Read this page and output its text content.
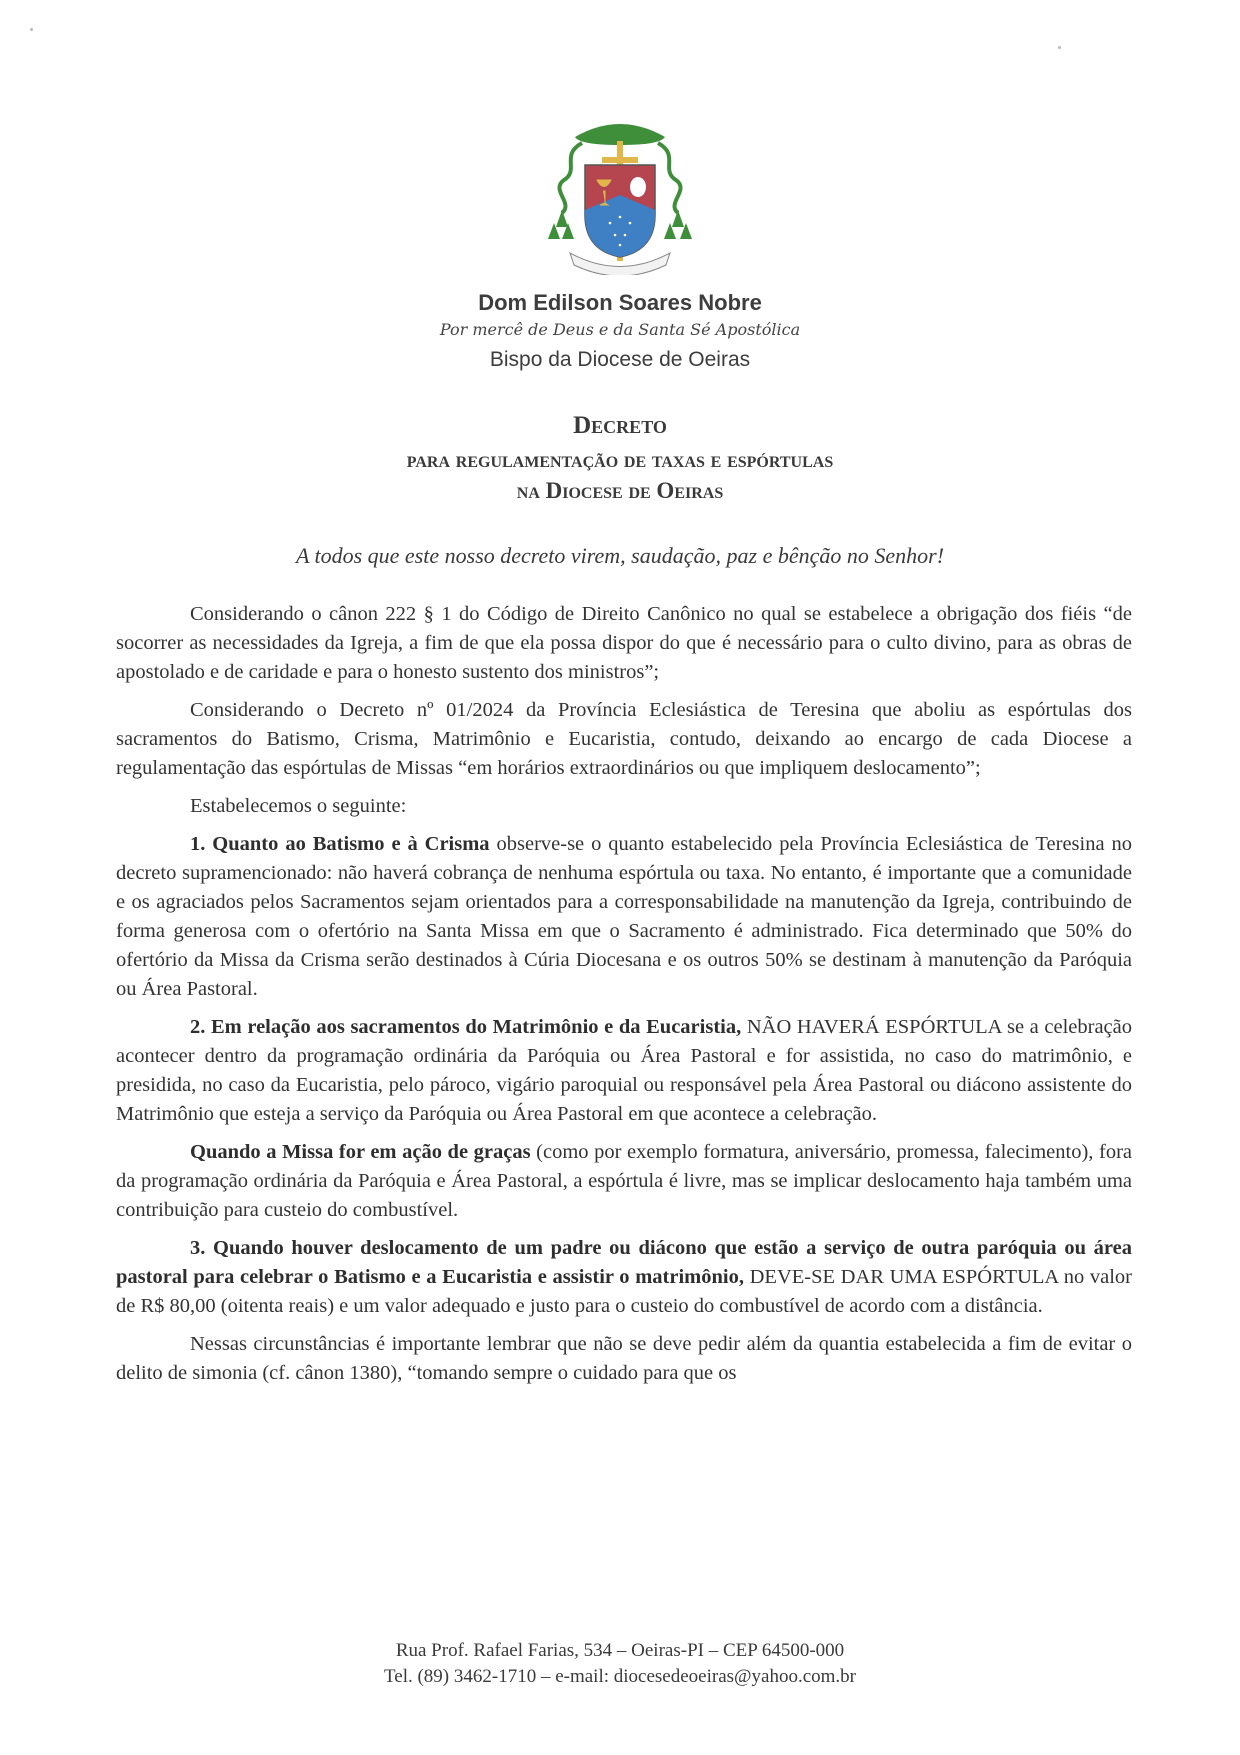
Dom Edilson Soares Nobre
Por mercê de Deus e da Santa Sé Apostólica
Bispo da Diocese de Oeiras
Decreto
para regulamentação de taxas e espórtulas
na Diocese de Oeiras
A todos que este nosso decreto virem, saudação, paz e bênção no Senhor!

Considerando o cânon 222 § 1 do Código de Direito Canônico no qual se estabelece a obrigação dos fiéis “de socorrer as necessidades da Igreja, a fim de que ela possa dispor do que é necessário para o culto divino, para as obras de apostolado e de caridade e para o honesto sustento dos ministros”;

Considerando o Decreto nº 01/2024 da Província Eclesiástica de Teresina que aboliu as espórtulas dos sacramentos do Batismo, Crisma, Matrimônio e Eucaristia, contudo, deixando ao encargo de cada Diocese a regulamentação das espórtulas de Missas “em horários extraordinários ou que impliquem deslocamento”;

Estabelecemos o seguinte:

1. Quanto ao Batismo e à Crisma observe-se o quanto estabelecido pela Província Eclesiástica de Teresina no decreto supramencionado: não haverá cobrança de nenhuma espórtula ou taxa. No entanto, é importante que a comunidade e os agraciados pelos Sacramentos sejam orientados para a corresponsabilidade na manutenção da Igreja, contribuindo de forma generosa com o ofertório na Santa Missa em que o Sacramento é administrado. Fica determinado que 50% do ofertório da Missa da Crisma serão destinados à Cúria Diocesana e os outros 50% se destinam à manutenção da Paróquia ou Área Pastoral.

2. Em relação aos sacramentos do Matrimônio e da Eucaristia, NÃO HAVERÁ ESPÓRTULA se a celebração acontecer dentro da programação ordinária da Paróquia ou Área Pastoral e for assistida, no caso do matrimônio, e presidida, no caso da Eucaristia, pelo pároco, vigário paroquial ou responsável pela Área Pastoral ou diácono assistente do Matrimônio que esteja a serviço da Paróquia ou Área Pastoral em que acontece a celebração.

Quando a Missa for em ação de graças (como por exemplo formatura, aniversário, promessa, falecimento), fora da programação ordinária da Paróquia e Área Pastoral, a espórtula é livre, mas se implicar deslocamento haja também uma contribuição para custeio do combustível.

3. Quando houver deslocamento de um padre ou diácono que estão a serviço de outra paróquia ou área pastoral para celebrar o Batismo e a Eucaristia e assistir o matrimônio, DEVE-SE DAR UMA ESPÓRTULA no valor de R$ 80,00 (oitenta reais) e um valor adequado e justo para o custeio do combustível de acordo com a distância.

Nessas circunstâncias é importante lembrar que não se deve pedir além da quantia estabelecida a fim de evitar o delito de simonia (cf. cânon 1380), “tomando sempre o cuidado para que os

Rua Prof. Rafael Farias, 534 – Oeiras-PI – CEP 64500-000
Tel. (89) 3462-1710 – e-mail: diocesedeoeiras@yahoo.com.br
